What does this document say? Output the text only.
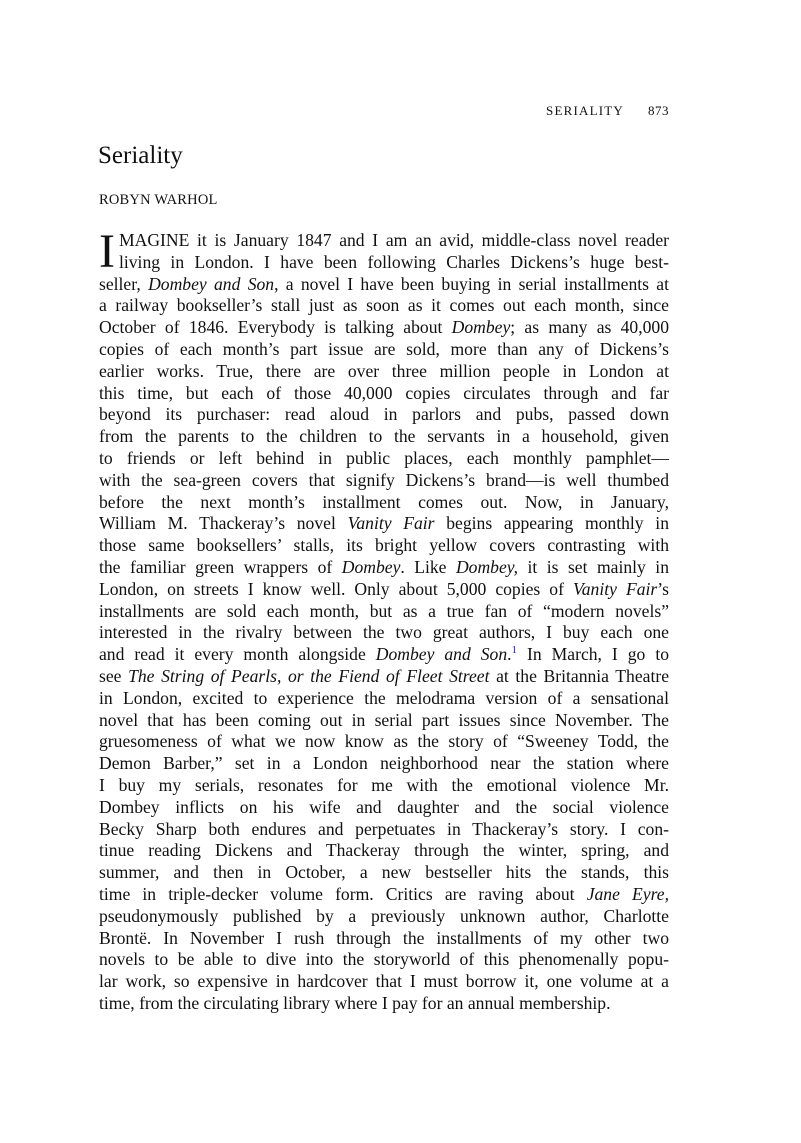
SERIALITY 873
Seriality
ROBYN WARHOL
I MAGINE it is January 1847 and I am an avid, middle-class novel reader
living in London. I have been following Charles Dickens’s huge best-
seller, Dombey and Son, a novel I have been buying in serial installments at
a railway bookseller’s stall just as soon as it comes out each month, since
October of 1846. Everybody is talking about Dombey; as many as 40,000
copies of each month’s part issue are sold, more than any of Dickens’s
earlier works. True, there are over three million people in London at
this time, but each of those 40,000 copies circulates through and far
beyond its purchaser: read aloud in parlors and pubs, passed down
from the parents to the children to the servants in a household, given
to friends or left behind in public places, each monthly pamphlet—
with the sea-green covers that signify Dickens’s brand—is well thumbed
before the next month’s installment comes out. Now, in January,
William M. Thackeray’s novel Vanity Fair begins appearing monthly in
those same booksellers’ stalls, its bright yellow covers contrasting with
the familiar green wrappers of Dombey. Like Dombey, it is set mainly in
London, on streets I know well. Only about 5,000 copies of Vanity Fair’s
installments are sold each month, but as a true fan of “modern novels”
interested in the rivalry between the two great authors, I buy each one
and read it every month alongside Dombey and Son.$^1$ In March, I go to
see The String of Pearls, or the Fiend of Fleet Street at the Britannia Theatre
in London, excited to experience the melodrama version of a sensational
novel that has been coming out in serial part issues since November. The
gruesomeness of what we now know as the story of “Sweeney Todd, the
Demon Barber,” set in a London neighborhood near the station where
I buy my serials, resonates for me with the emotional violence Mr.
Dombey inflicts on his wife and daughter and the social violence
Becky Sharp both endures and perpetuates in Thackeray’s story. I con-
tinue reading Dickens and Thackeray through the winter, spring, and
summer, and then in October, a new bestseller hits the stands, this
time in triple-decker volume form. Critics are raving about Jane Eyre,
pseudonymously published by a previously unknown author, Charlotte
Brontë. In November I rush through the installments of my other two
novels to be able to dive into the storyworld of this phenomenally popu-
lar work, so expensive in hardcover that I must borrow it, one volume at a
time, from the circulating library where I pay for an annual membership.
